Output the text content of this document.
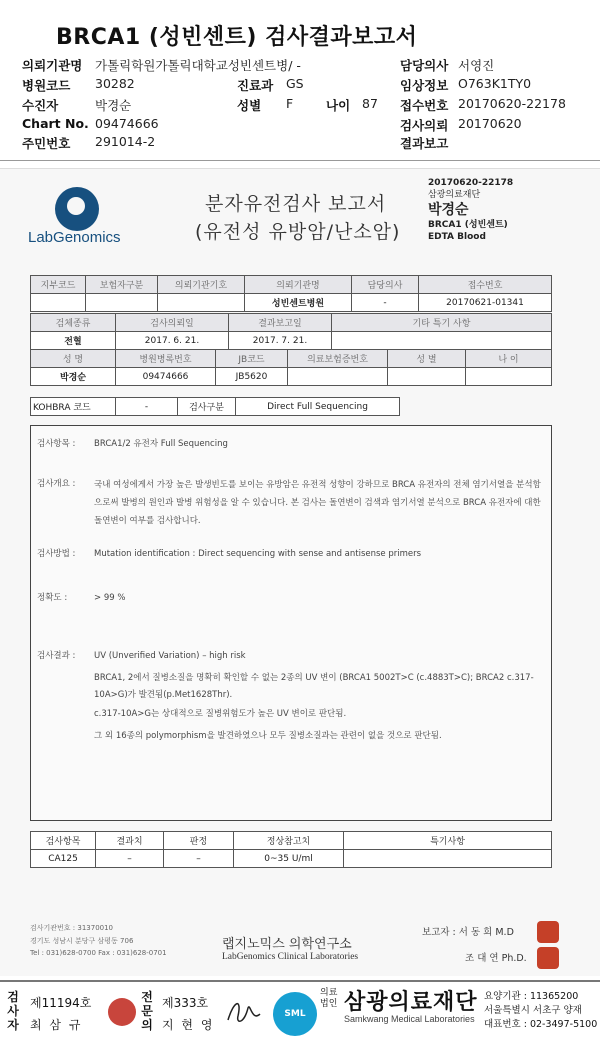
BRCA1 (성빈센트) 검사결과보고서
의뢰기관명 가톨릭학원가톨릭대학교성빈센트병/ -	담당의사 서영진
병원코드 30282	진료과 GS	임상정보 O763K1TY0
수진자	박경순	성별 F	나이 87 접수번호 20170620-22178
Chart No. 09474666	검사의뢰 20170620
주민번호 291014-2	결과보고
LabGenomics
분자유전검사 보고서
(유전성 유방암/난소암)
20170620-22178
삼광의료재단
박경순
BRCA1 (성빈센트)
EDTA Blood
지부코드	보험자구분	의뢰기관기호	의뢰기관명	담당의사	접수번호
			성빈센트병원	-	20170621-01341
검체종류	검사의뢰일	결과보고일	기타 특기 사항
전혈	2017. 6. 21.	2017. 7. 21.	
성 명	병원병록번호	JB코드	의료보험증번호	성 별	나 이
박경순	09474666	JB5620			
KOHBRA 코드	-	검사구분	Direct Full Sequencing
검사항목 : BRCA1/2 유전자 Full Sequencing
검사개요 : 국내 여성에게서 가장 높은 발생빈도를 보이는 유방암은 유전적 성향이 강하므로 BRCA 유전자의 전체 염기서열을 분석함으로써 발병의 원인과 발병 위험성을 알 수 있습니다. 본 검사는 돌연변이 검색과 염기서열 분석으로 BRCA 유전자에 대한 돌연변이 여부를 검사합니다.
검사방법 : Mutation identification : Direct sequencing with sense and antisense primers
정확도 :	> 99 %
검사결과 : UV (Unverified Variation) – high risk
BRCA1, 2에서 질병소질을 명확히 확인할 수 없는 2종의 UV 변이 (BRCA1 5002T>C (c.4883T>C); BRCA2 c.317-10A>G)가 발견됨(p.Met1628Thr).
c.317-10A>G는 상대적으로 질병위험도가 높은 UV 변이로 판단됨.
그 외 16종의 polymorphism을 발견하였으나 모두 질병소질과는 관련이 없을 것으로 판단됨.
검사항목	결과치	판정	정상참고치	특기사항
CA125	–	–	0~35 U/ml	
검사기관번호 : 31370010
경기도 성남시 분당구 삼평동 706
Tel : 031)628-0700 Fax : 031)628-0701
랩지노믹스 의학연구소
LabGenomics Clinical Laboratories
보고자 : 서 동 희 M.D
조 대 연 Ph.D.
검사자
제11194호
최 삼 규
전문의
제333호
지 현 영
SML
의료 법인 삼광의료재단
Samkwang Medical Laboratories
요양기관 : 11365200
서울특별시 서초구 양재
대표번호 : 02-3497-5100
